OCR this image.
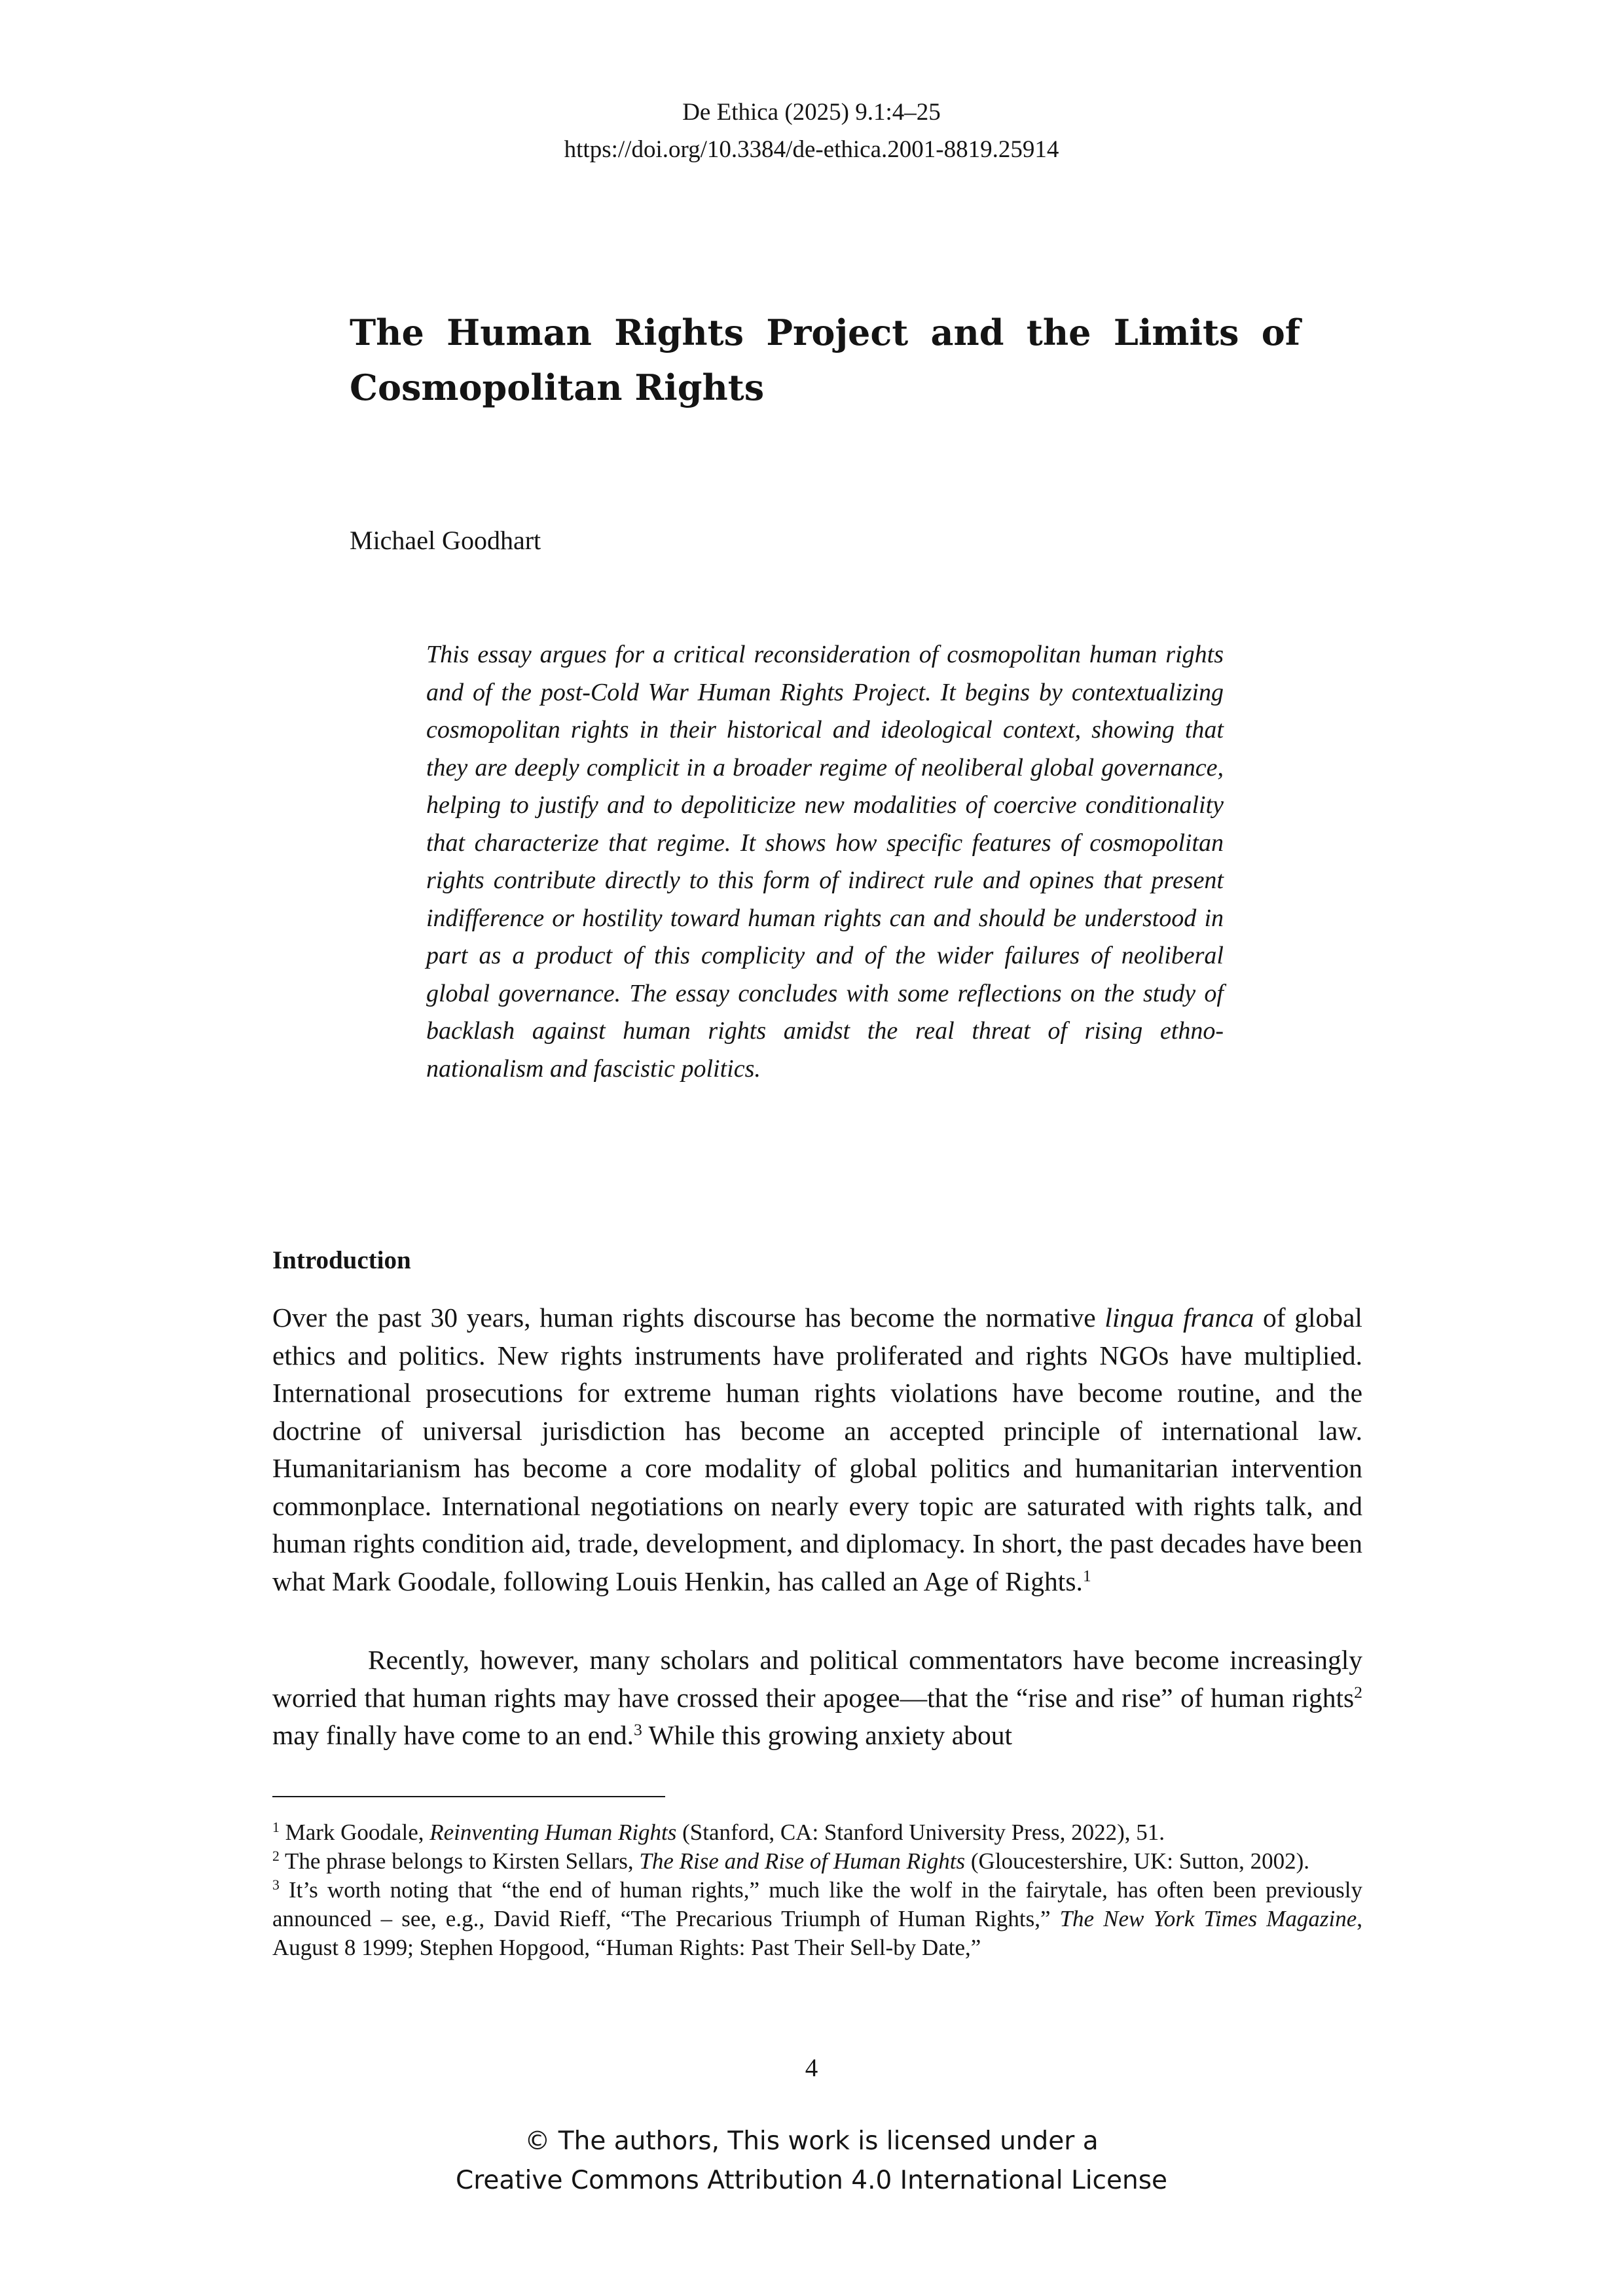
De Ethica (2025) 9.1:4–25
https://doi.org/10.3384/de-ethica.2001-8819.25914
The Human Rights Project and the Limits of
Cosmopolitan Rights
Michael Goodhart
This essay argues for a critical reconsideration of cosmopolitan human rights and of the post-Cold War Human Rights Project. It begins by contextualizing cosmopolitan rights in their historical and ideological context, showing that they are deeply complicit in a broader regime of neoliberal global governance, helping to justify and to depoliticize new modalities of coercive conditionality that characterize that regime. It shows how specific features of cosmopolitan rights contribute directly to this form of indirect rule and opines that present indifference or hostility toward human rights can and should be understood in part as a product of this complicity and of the wider failures of neoliberal global governance. The essay concludes with some reflections on the study of backlash against human rights amidst the real threat of rising ethno-nationalism and fascistic politics.
Introduction

Over the past 30 years, human rights discourse has become the normative lingua franca of global ethics and politics. New rights instruments have proliferated and rights NGOs have multiplied. International prosecutions for extreme human rights violations have become routine, and the doctrine of universal jurisdiction has become an accepted principle of international law. Humanitarianism has become a core modality of global politics and humanitarian intervention commonplace. International negotiations on nearly every topic are saturated with rights talk, and human rights condition aid, trade, development, and diplomacy. In short, the past decades have been what Mark Goodale, following Louis Henkin, has called an Age of Rights.$^1$

Recently, however, many scholars and political commentators have become increasingly worried that human rights may have crossed their apogee—that the “rise and rise” of human rights$^2$ may finally have come to an end.$^3$ While this growing anxiety about

$^1$ Mark Goodale, Reinventing Human Rights (Stanford, CA: Stanford University Press, 2022), 51.

$^2$ The phrase belongs to Kirsten Sellars, The Rise and Rise of Human Rights (Gloucestershire, UK: Sutton, 2002).

$^3$ It’s worth noting that “the end of human rights,” much like the wolf in the fairytale, has often been previously announced – see, e.g., David Rieff, “The Precarious Triumph of Human Rights,” The New York Times Magazine, August 8 1999; Stephen Hopgood, “Human Rights: Past Their Sell-by Date,”

4
© The authors, This work is licensed under a
Creative Commons Attribution 4.0 International License
